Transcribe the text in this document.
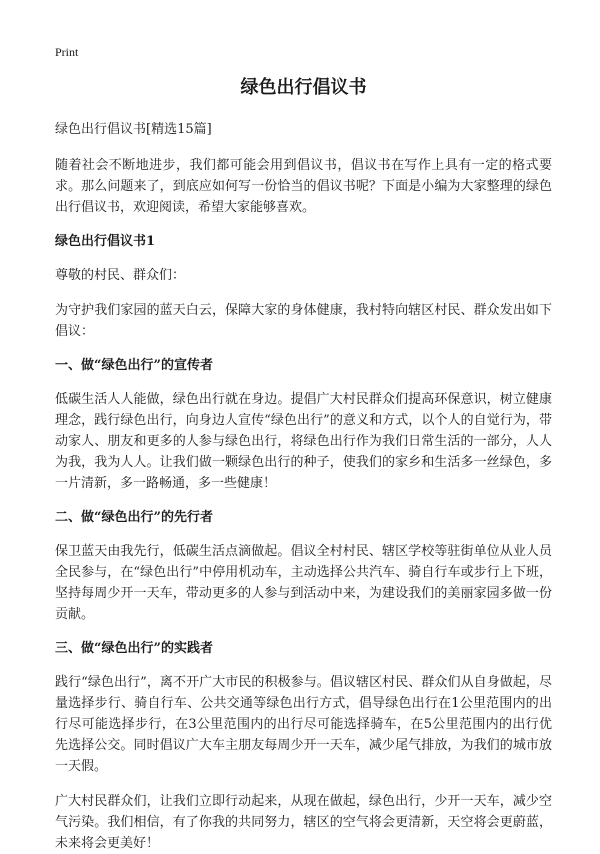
Print
绿色出行倡议书

绿色出行倡议书[精选15篇]

随着社会不断地进步，我们都可能会用到倡议书，倡议书在写作上具有一定的格式要求。那么问题来了，到底应如何写一份恰当的倡议书呢？下面是小编为大家整理的绿色出行倡议书，欢迎阅读，希望大家能够喜欢。

绿色出行倡议书1

尊敬的村民、群众们：

为守护我们家园的蓝天白云，保障大家的身体健康，我村特向辖区村民、群众发出如下倡议：

一、做“绿色出行”的宣传者

低碳生活人人能做，绿色出行就在身边。提倡广大村民群众们提高环保意识，树立健康理念，践行绿色出行，向身边人宣传“绿色出行”的意义和方式，以个人的自觉行为，带动家人、朋友和更多的人参与绿色出行，将绿色出行作为我们日常生活的一部分，人人为我，我为人人。让我们做一颗绿色出行的种子，使我们的家乡和生活多一丝绿色，多一片清新，多一路畅通，多一些健康！

二、做“绿色出行”的先行者

保卫蓝天由我先行，低碳生活点滴做起。倡议全村村民、辖区学校等驻街单位从业人员全民参与，在“绿色出行”中停用机动车，主动选择公共汽车、骑自行车或步行上下班，坚持每周少开一天车，带动更多的人参与到活动中来，为建设我们的美丽家园多做一份贡献。

三、做“绿色出行”的实践者

践行“绿色出行”，离不开广大市民的积极参与。倡议辖区村民、群众们从自身做起，尽量选择步行、骑自行车、公共交通等绿色出行方式，倡导绿色出行在1公里范围内的出行尽可能选择步行，在3公里范围内的出行尽可能选择骑车，在5公里范围内的出行优先选择公交。同时倡议广大车主朋友每周少开一天车，减少尾气排放，为我们的城市放一天假。

广大村民群众们，让我们立即行动起来，从现在做起，绿色出行，少开一天车，减少空气污染。我们相信，有了你我的共同努力，辖区的空气将会更清新，天空将会更蔚蓝，未来将会更美好！
